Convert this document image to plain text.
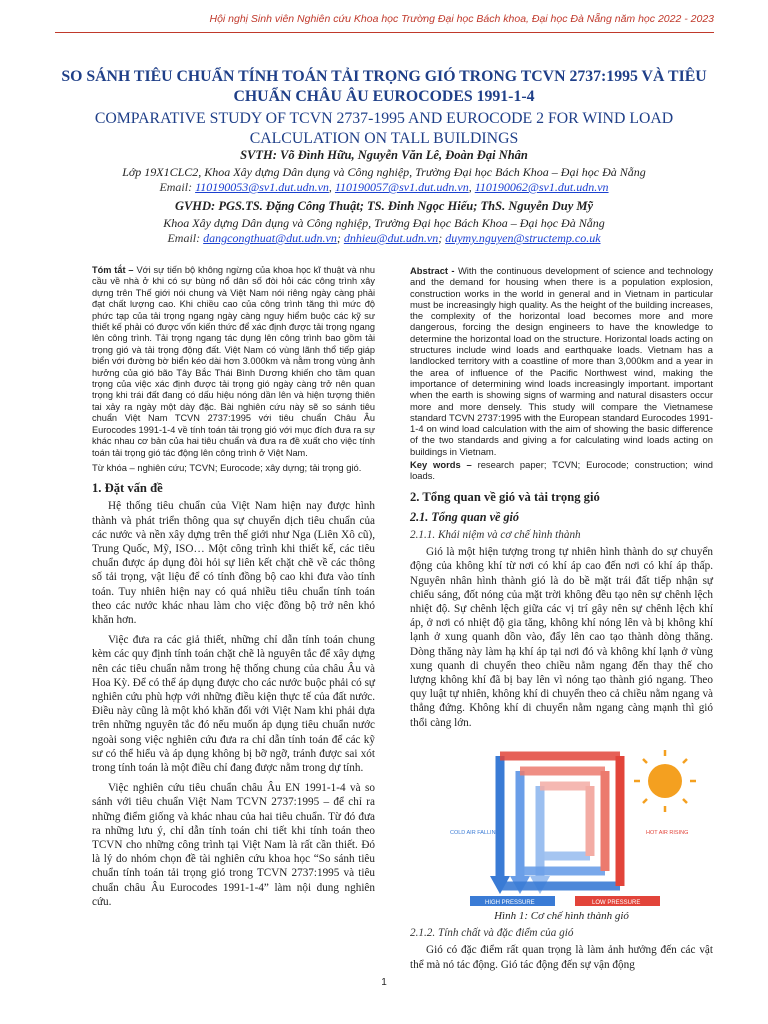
Hội nghị Sinh viên Nghiên cứu Khoa học Trường Đại học Bách khoa, Đại học Đà Nẵng năm học 2022 - 2023
SO SÁNH TIÊU CHUẨN TÍNH TOÁN TẢI TRỌNG GIÓ TRONG TCVN 2737:1995 VÀ TIÊU CHUẨN CHÂU ÂU EUROCODES 1991-1-4
COMPARATIVE STUDY OF TCVN 2737-1995 AND EUROCODE 2 FOR WIND LOAD CALCULATION ON TALL BUILDINGS
SVTH: Võ Đình Hữu, Nguyễn Văn Lê, Đoàn Đại Nhân
Lớp 19X1CLC2, Khoa Xây dựng Dân dụng và Công nghiệp, Trường Đại học Bách Khoa – Đại học Đà Nẵng
Email: 110190053@sv1.dut.udn.vn, 110190057@sv1.dut.udn.vn, 110190062@sv1.dut.udn.vn
GVHD: PGS.TS. Đặng Công Thuật; TS. Đinh Ngọc Hiếu; ThS. Nguyễn Duy Mỹ
Khoa Xây dựng Dân dụng và Công nghiệp, Trường Đại học Bách Khoa – Đại học Đà Nẵng
Email: dangcongthuat@dut.udn.vn; dnhieu@dut.udn.vn; duymy.nguyen@structemp.co.uk
Tóm tắt – Với sự tiến bộ không ngừng của khoa học kĩ thuật và nhu cầu về nhà ở khi có sự bùng nổ dân số đòi hỏi các công trình xây dựng trên Thế giới nói chung và Việt Nam nói riêng ngày càng phải đạt chất lượng cao. Khi chiều cao của công trình tăng thì mức độ phức tạp của tải trọng ngang ngày càng nguy hiểm buộc các kỹ sư thiết kế phải có được vốn kiến thức để xác định được tải trọng ngang lên công trình. Tải trọng ngang tác dụng lên công trình bao gồm tải trọng gió và tải trọng động đất. Việt Nam có vùng lãnh thổ tiếp giáp biển với đường bờ biển kéo dài hơn 3.000km và nằm trong vùng ảnh hưởng của gió bão Tây Bắc Thái Bình Dương khiến cho tầm quan trọng của việc xác định được tải trọng gió ngày càng trở nên quan trọng khi trái đất đang có dấu hiệu nóng dần lên và hiện tượng thiên tai xảy ra ngày một dày đặc. Bài nghiên cứu này sẽ so sánh tiêu chuẩn Việt Nam TCVN 2737:1995 với tiêu chuẩn Châu Âu Eurocodes 1991-1-4 về tính toán tải trọng gió với mục đích đưa ra sự khác nhau cơ bản của hai tiêu chuẩn và đưa ra đề xuất cho việc tính toán tải trọng gió tác động lên công trình ở Việt Nam.
Từ khóa – nghiên cứu; TCVN; Eurocode; xây dựng; tải trọng gió.
1. Đặt vấn đề

Hệ thống tiêu chuẩn của Việt Nam hiện nay được hình thành và phát triển thông qua sự chuyển dịch tiêu chuẩn của các nước và nền xây dựng trên thế giới như Nga (Liên Xô cũ), Trung Quốc, Mỹ, ISO… Một công trình khi thiết kế, các tiêu chuẩn được áp dụng đòi hỏi sự liên kết chặt chẽ về các thông số tải trọng, vật liệu để có tính đồng bộ cao khi đưa vào tính toán. Tuy nhiên hiện nay có quá nhiều tiêu chuẩn tính toán theo các nước khác nhau làm cho việc đồng bộ trở nên khó khăn hơn.

Việc đưa ra các giả thiết, những chỉ dẫn tính toán chung kèm các quy định tính toán chặt chẽ là nguyên tắc để xây dựng nên các tiêu chuẩn nằm trong hệ thống chung của châu Âu và Hoa Kỳ. Để có thể áp dụng được cho các nước buộc phải có sự nghiên cứu phù hợp với những điều kiện thực tế của đất nước. Điều này cũng là một khó khăn đối với Việt Nam khi phải dựa trên những nguyên tắc đó nếu muốn áp dụng tiêu chuẩn nước ngoài song việc nghiên cứu đưa ra chỉ dẫn tính toán để các kỹ sư có thể hiểu và áp dụng không bị bỡ ngỡ, tránh được sai xót trong tính toán là một điều chỉ đang được nằm trong dự tính.

Việc nghiên cứu tiêu chuẩn châu Âu EN 1991-1-4 và so sánh với tiêu chuẩn Việt Nam TCVN 2737:1995 – để chỉ ra những điểm giống và khác nhau của hai tiêu chuẩn. Từ đó đưa ra những lưu ý, chỉ dẫn tính toán chi tiết khi tính toán theo TCVN cho những công trình tại Việt Nam là rất cần thiết. Đó là lý do nhóm chọn đề tài nghiên cứu khoa học “So sánh tiêu chuẩn tính toán tải trọng gió trong TCVN 2737:1995 và tiêu chuẩn châu Âu Eurocodes 1991-1-4” làm nội dung nghiên cứu.

Abstract - With the continuous development of science and technology and the demand for housing when there is a population explosion, construction works in the world in general and in Vietnam in particular must be increasingly high quality. As the height of the building increases, the complexity of the horizontal load becomes more and more dangerous, forcing the design engineers to have the knowledge to determine the horizontal load on the structure. Horizontal loads acting on structures include wind loads and earthquake loads. Vietnam has a landlocked territory with a coastline of more than 3,000km and a year in the area of influence of the Pacific Northwest wind, making the importance of determining wind loads increasingly important. important when the earth is showing signs of warming and natural disasters occur more and more densely. This study will compare the Vietnamese standard TCVN 2737:1995 with the European standard Eurocodes 1991-1-4 on wind load calculation with the aim of showing the basic difference of the two standards and giving a for calculating wind loads acting on buildings in Vietnam.
Key words – research paper; TCVN; Eurocode; construction; wind loads.
2. Tổng quan về gió và tải trọng gió
2.1. Tổng quan về gió
2.1.1. Khái niệm và cơ chế hình thành

Gió là một hiện tượng trong tự nhiên hình thành do sự chuyển động của không khí từ nơi có khí áp cao đến nơi có khí áp thấp. Nguyên nhân hình thành gió là do bề mặt trái đất tiếp nhận sự chiếu sáng, đốt nóng của mặt trời không đều tạo nên sự chênh lệch nhiệt độ. Sự chênh lệch giữa các vị trí gây nên sự chênh lệch khí áp, ở nơi có nhiệt độ gia tăng, không khí nóng lên và bị không khí lạnh ở xung quanh dồn vào, đẩy lên cao tạo thành dòng thăng. Dòng thăng này làm hạ khí áp tại nơi đó và không khí lạnh ở vùng xung quanh di chuyển theo chiều nằm ngang đến thay thế cho lượng không khí đã bị bay lên vì nóng tạo thành gió ngang. Theo quy luật tự nhiên, không khí di chuyển theo cả chiều nằm ngang và thẳng đứng. Không khí di chuyển nằm ngang càng mạnh thì gió thổi càng lớn.

COLD AIR FALLING	HOT AIR RISING
HIGH PRESSURE	LOW PRESSURE
Hình 1: Cơ chế hình thành gió
2.1.2. Tính chất và đặc điểm của gió

Gió có đặc điểm rất quan trọng là làm ảnh hưởng đến các vật thể mà nó tác động. Gió tác động đến sự vận động

1
